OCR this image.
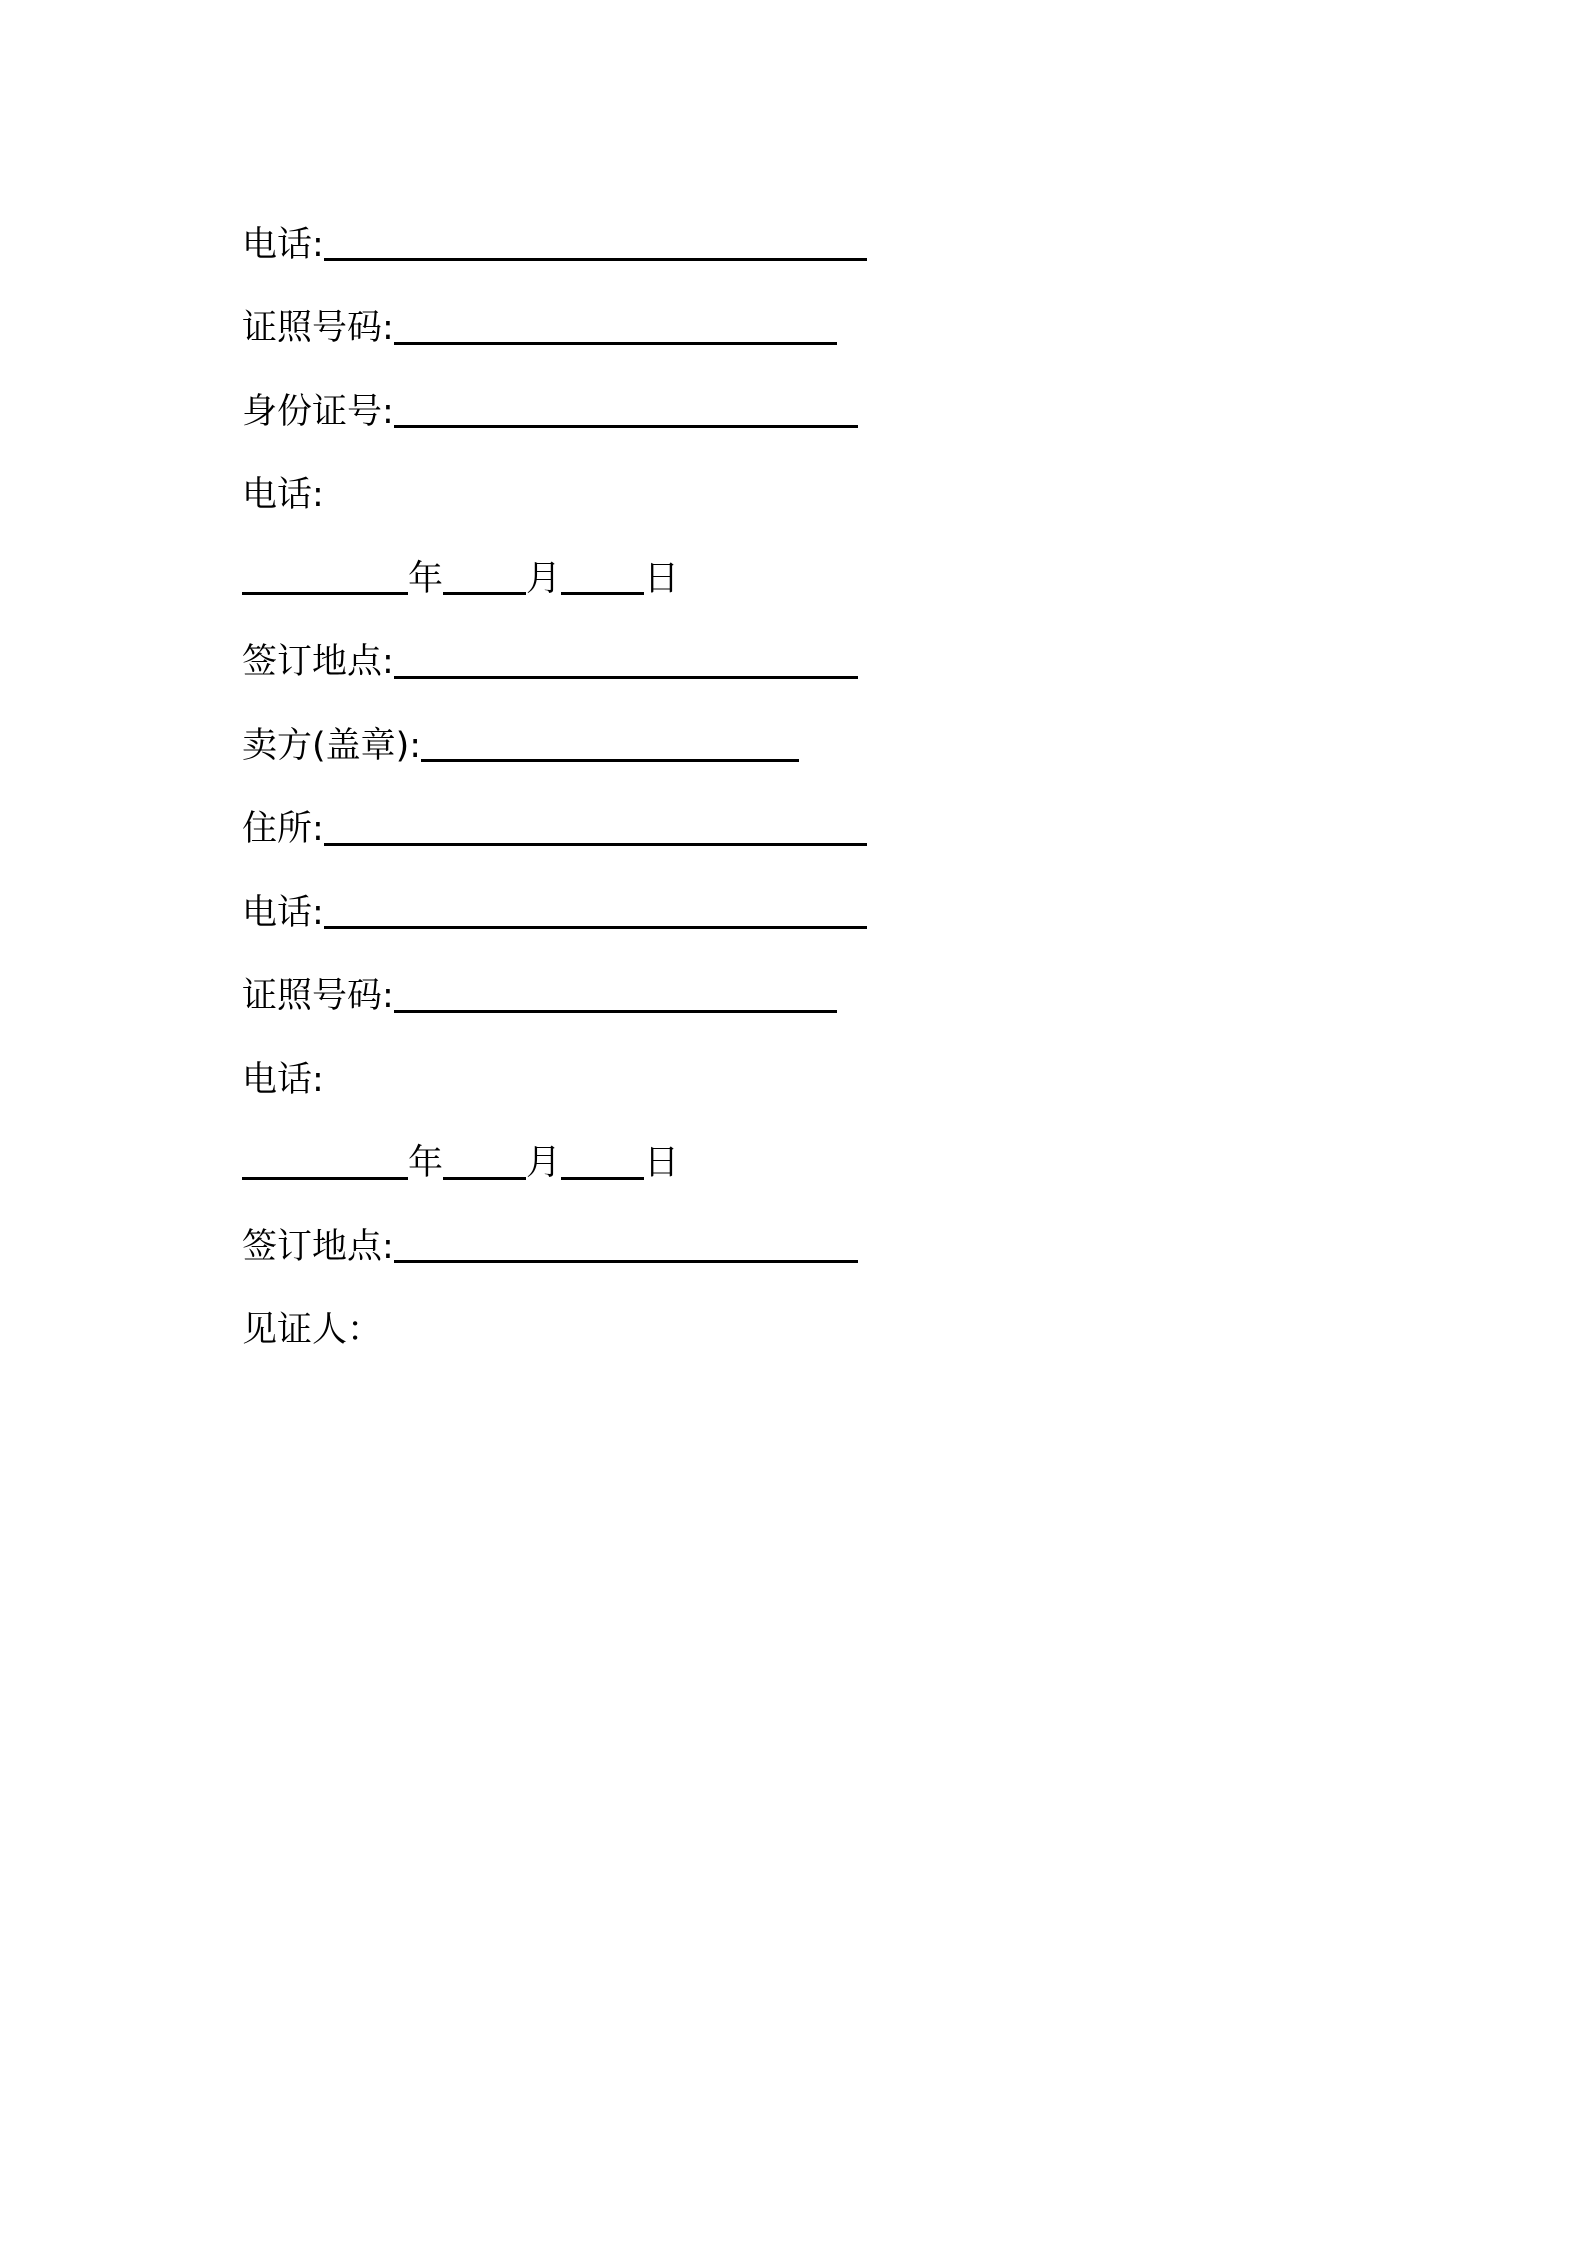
电话:
证照号码:
身份证号:
电话:
年 月 日
签订地点:
卖方(盖章):
住所:
电话:
证照号码:
电话:
年 月 日
签订地点:
见证人：
